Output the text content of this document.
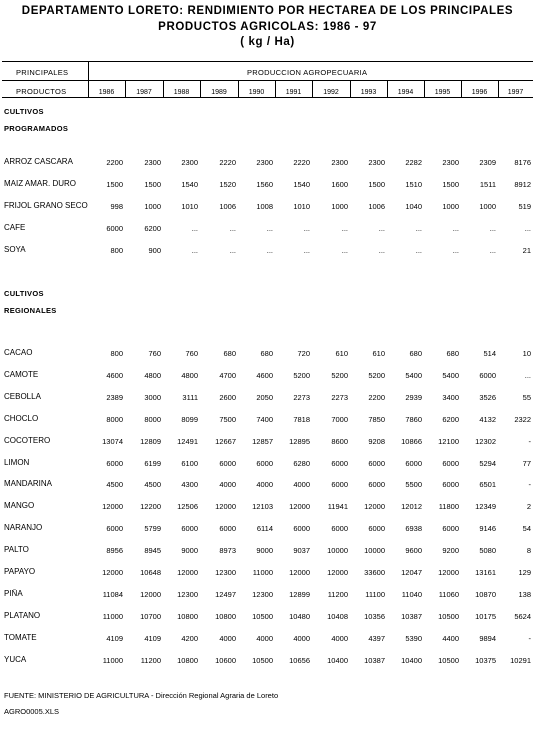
DEPARTAMENTO LORETO: RENDIMIENTO POR HECTAREA DE LOS PRINCIPALES
PRODUCTOS AGRICOLAS: 1986 - 97
( kg / Ha)
PRINCIPALES
PRODUCTOS
PRODUCCION AGROPECUARIA
1986	1987	1988	1989	1990	1991	1992	1993	1994	1995	1996	1997
CULTIVOS
PROGRAMADOS
CULTIVOS
REGIONALES
ARROZ CASCARA	2200	2300	2300	2220	2300	2220	2300	2300	2282	2300	2309	8176
MAIZ AMAR. DURO	1500	1500	1540	1520	1560	1540	1600	1500	1510	1500	1511	8912
FRIJOL GRANO SECO	998	1000	1010	1006	1008	1010	1000	1006	1040	1000	1000	519
CAFE	6000	6200	...	...	...	...	...	...	...	...	...	...
SOYA	800	900	...	...	...	...	...	...	...	...	...	21
CACAO	800	760	760	680	680	720	610	610	680	680	514	10
CAMOTE	4600	4800	4800	4700	4600	5200	5200	5200	5400	5400	6000	...
CEBOLLA	2389	3000	3111	2600	2050	2273	2273	2200	2939	3400	3526	55
CHOCLO	8000	8000	8099	7500	7400	7818	7000	7850	7860	6200	4132	2322
COCOTERO	13074	12809	12491	12667	12857	12895	8600	9208	10866	12100	12302	-
LIMON	6000	6199	6100	6000	6000	6280	6000	6000	6000	6000	5294	77
MANDARINA	4500	4500	4300	4000	4000	4000	6000	6000	5500	6000	6501	-
MANGO	12000	12200	12506	12000	12103	12000	11941	12000	12012	11800	12349	2
NARANJO	6000	5799	6000	6000	6114	6000	6000	6000	6938	6000	9146	54
PALTO	8956	8945	9000	8973	9000	9037	10000	10000	9600	9200	5080	8
PAPAYO	12000	10648	12000	12300	11000	12000	12000	33600	12047	12000	13161	129
PIÑA	11084	12000	12300	12497	12300	12899	11200	11100	11040	11060	10870	138
PLATANO	11000	10700	10800	10800	10500	10480	10408	10356	10387	10500	10175	5624
TOMATE	4109	4109	4200	4000	4000	4000	4000	4397	5390	4400	9894	-
YUCA	11000	11200	10800	10600	10500	10656	10400	10387	10400	10500	10375	10291
FUENTE: MINISTERIO DE AGRICULTURA - Dirección Regional Agraria de Loreto
AGRO0005.XLS
